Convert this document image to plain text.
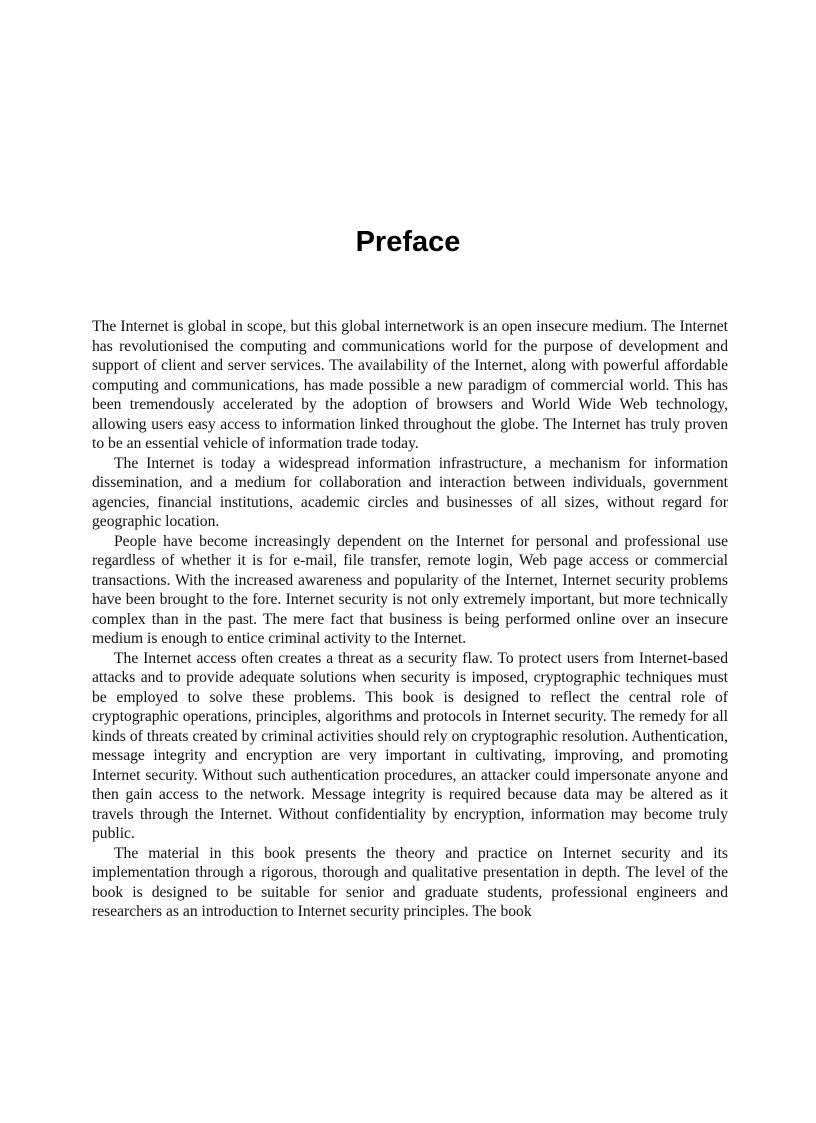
Preface

The Internet is global in scope, but this global internetwork is an open insecure medium. The Internet has revolutionised the computing and communications world for the purpose of development and support of client and server services. The availability of the Internet, along with powerful affordable computing and communications, has made possible a new paradigm of commercial world. This has been tremendously accelerated by the adoption of browsers and World Wide Web technology, allowing users easy access to information linked throughout the globe. The Internet has truly proven to be an essential vehicle of information trade today.

The Internet is today a widespread information infrastructure, a mechanism for information dissemination, and a medium for collaboration and interaction between individuals, government agencies, financial institutions, academic circles and businesses of all sizes, without regard for geographic location.

People have become increasingly dependent on the Internet for personal and professional use regardless of whether it is for e-mail, file transfer, remote login, Web page access or commercial transactions. With the increased awareness and popularity of the Internet, Internet security problems have been brought to the fore. Internet security is not only extremely important, but more technically complex than in the past. The mere fact that business is being performed online over an insecure medium is enough to entice criminal activity to the Internet.

The Internet access often creates a threat as a security flaw. To protect users from Internet-based attacks and to provide adequate solutions when security is imposed, cryptographic techniques must be employed to solve these problems. This book is designed to reflect the central role of cryptographic operations, principles, algorithms and protocols in Internet security. The remedy for all kinds of threats created by criminal activities should rely on cryptographic resolution. Authentication, message integrity and encryption are very important in cultivating, improving, and promoting Internet security. Without such authentication procedures, an attacker could impersonate anyone and then gain access to the network. Message integrity is required because data may be altered as it travels through the Internet. Without confidentiality by encryption, information may become truly public.

The material in this book presents the theory and practice on Internet security and its implementation through a rigorous, thorough and qualitative presentation in depth. The level of the book is designed to be suitable for senior and graduate students, professional engineers and researchers as an introduction to Internet security principles. The book
